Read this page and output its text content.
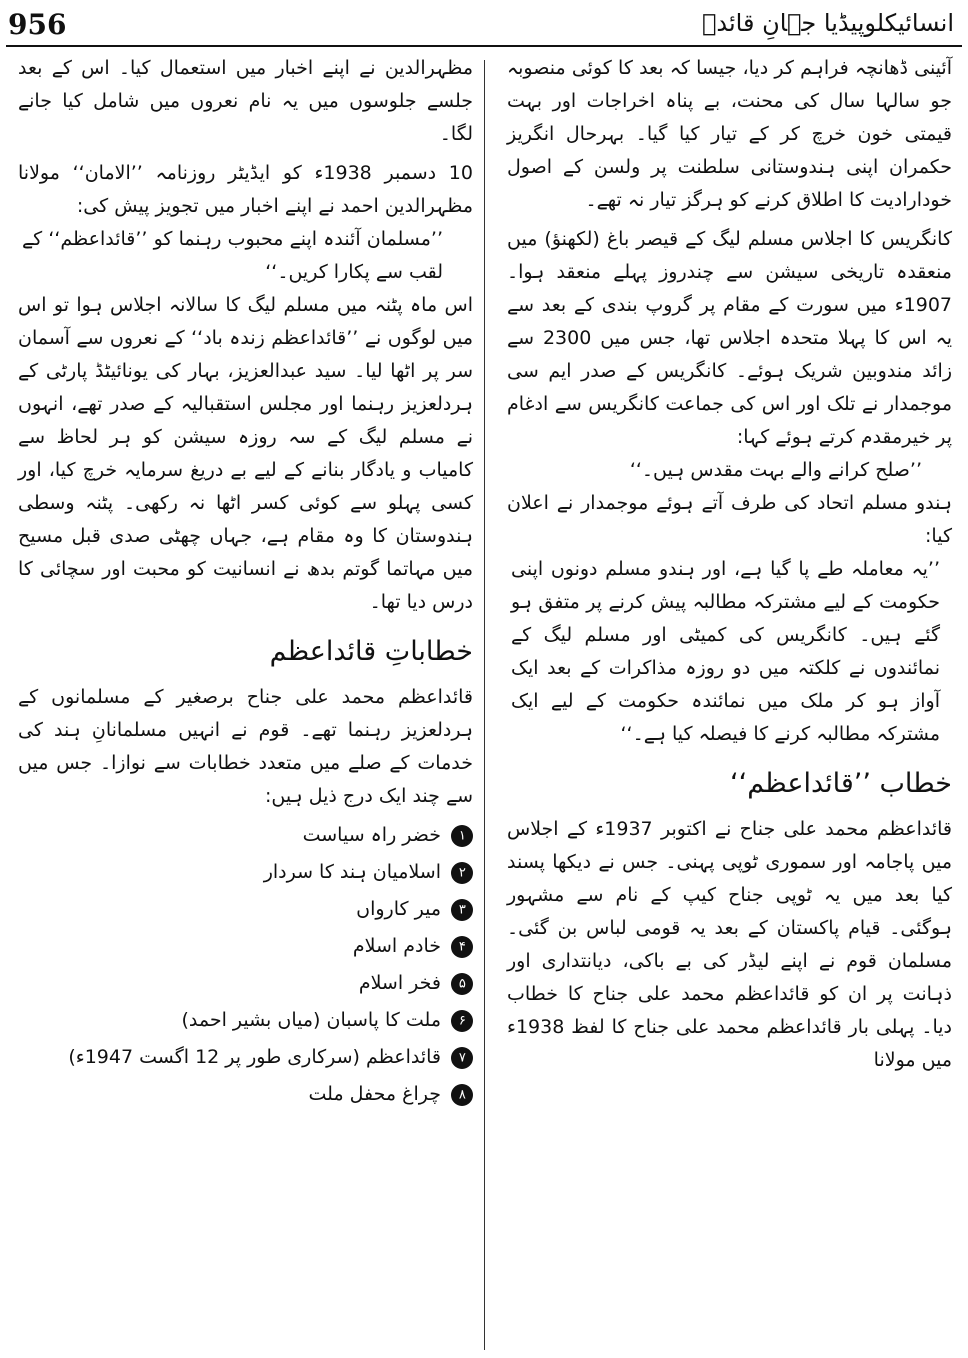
956	انسائیکلوپیڈیا جہانِ قائدؒ

آئینی ڈھانچہ فراہم کر دیا، جیسا کہ بعد کا کوئی منصوبہ جو سالہا سال کی محنت، بے پناہ اخراجات اور بہت قیمتی خون خرچ کر کے تیار کیا گیا۔ بہرحال انگریز حکمران اپنی ہندوستانی سلطنت پر ولسن کے اصول خودارادیت کا اطلاق کرنے کو ہرگز تیار نہ تھے۔

کانگریس کا اجلاس مسلم لیگ کے قیصر باغ (لکھنؤ) میں منعقدہ تاریخی سیشن سے چندروز پہلے منعقد ہوا۔ 1907ء میں سورت کے مقام پر گروپ بندی کے بعد سے یہ اس کا پہلا متحدہ اجلاس تھا، جس میں 2300 سے زائد مندوبین شریک ہوئے۔ کانگریس کے صدر ایم سی موجمدار نے تلک اور اس کی جماعت کانگریس سے ادغام پر خیرمقدم کرتے ہوئے کہا:

’’صلح کرانے والے بہت مقدس ہیں۔‘‘

ہندو مسلم اتحاد کی طرف آتے ہوئے موجمدار نے اعلان کیا:

’’یہ معاملہ طے پا گیا ہے، اور ہندو مسلم دونوں اپنی حکومت کے لیے مشترکہ مطالبہ پیش کرنے پر متفق ہو گئے ہیں۔ کانگریس کی کمیٹی اور مسلم لیگ کے نمائندوں نے کلکتہ میں دو روزہ مذاکرات کے بعد ایک آواز ہو کر ملک میں نمائندہ حکومت کے لیے ایک مشترکہ مطالبہ کرنے کا فیصلہ کیا ہے۔‘‘
خطاب ’’قائداعظم‘‘

قائداعظم محمد علی جناح نے اکتوبر 1937ء کے اجلاس میں پاجامہ اور سموری ٹوپی پہنی۔ جس نے دیکھا پسند کیا بعد میں یہ ٹوپی جناح کیپ کے نام سے مشہور ہوگئی۔ قیام پاکستان کے بعد یہ قومی لباس بن گئی۔ مسلمان قوم نے اپنے لیڈر کی بے باکی، دیانتداری اور ذہانت پر ان کو قائداعظم محمد علی جناح کا خطاب دیا۔ پہلی بار قائداعظم محمد علی جناح کا لفظ 1938ء میں مولانا

مظہرالدین نے اپنے اخبار میں استعمال کیا۔ اس کے بعد جلسے جلوسوں میں یہ نام نعروں میں شامل کیا جانے لگا۔

10 دسمبر 1938ء کو ایڈیٹر روزنامہ ’’الامان‘‘ مولانا مظہرالدین احمد نے اپنے اخبار میں تجویز پیش کی:

’’مسلمان آئندہ اپنے محبوب رہنما کو ’’قائداعظم‘‘ کے لقب سے پکارا کریں۔‘‘

اس ماہ پٹنہ میں مسلم لیگ کا سالانہ اجلاس ہوا تو اس میں لوگوں نے ’’قائداعظم زندہ باد‘‘ کے نعروں سے آسمان سر پر اٹھا لیا۔ سید عبدالعزیز، بہار کی یونائیٹڈ پارٹی کے ہردلعزیز رہنما اور مجلس استقبالیہ کے صدر تھے، انہوں نے مسلم لیگ کے سہ روزہ سیشن کو ہر لحاظ سے کامیاب و یادگار بنانے کے لیے بے دریغ سرمایہ خرچ کیا، اور کسی پہلو سے کوئی کسر اٹھا نہ رکھی۔ پٹنہ وسطی ہندوستان کا وہ مقام ہے، جہاں چھٹی صدی قبل مسیح میں مہاتما گوتم بدھ نے انسانیت کو محبت اور سچائی کا درس دیا تھا۔

خطاباتِ قائداعظم

قائداعظم محمد علی جناح برصغیر کے مسلمانوں کے ہردلعزیز رہنما تھے۔ قوم نے انہیں مسلمانانِ ہند کی خدمات کے صلے میں متعدد خطابات سے نوازا۔ جس میں سے چند ایک درج ذیل ہیں:

۱خضر راہ سیاست
۲اسلامیان ہند کا سردار
۳میر کارواں
۴خادم اسلام
۵فخر اسلام
۶ملت کا پاسبان (میاں بشیر احمد)
۷قائداعظم (سرکاری طور پر 12 اگست 1947ء)
۸چراغ محفل ملت
